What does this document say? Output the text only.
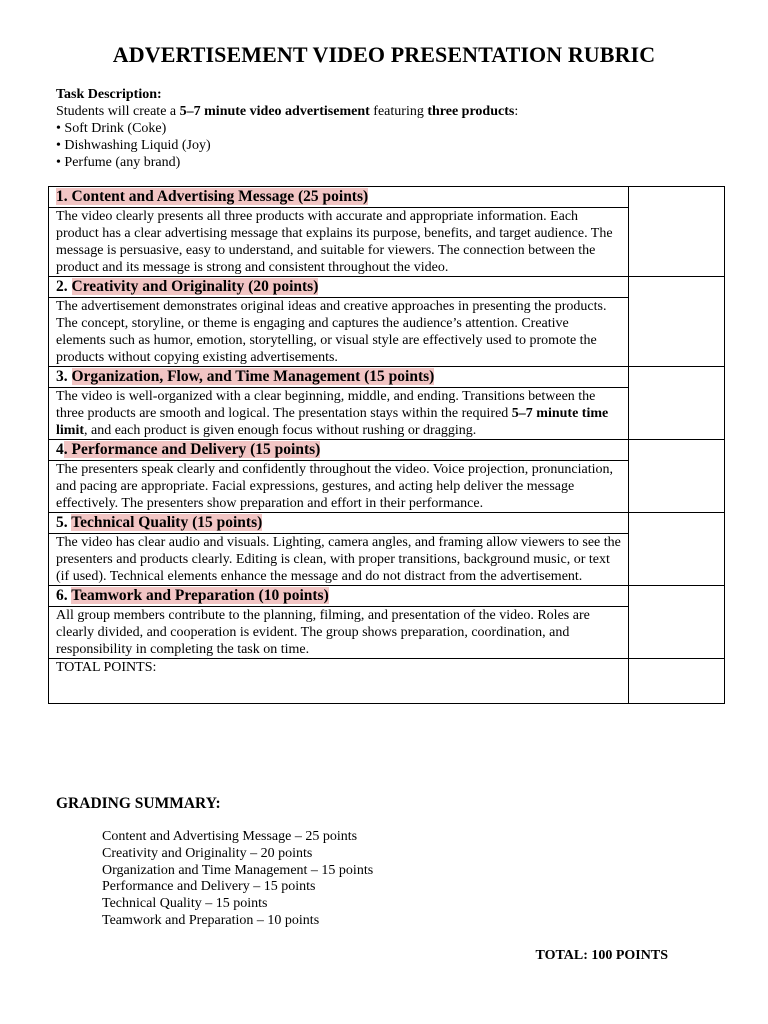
ADVERTISEMENT VIDEO PRESENTATION RUBRIC
Task Description:
Students will create a 5–7 minute video advertisement featuring three products:
• Soft Drink (Coke)
• Dishwashing Liquid (Joy)
• Perfume (any brand)
1. Content and Advertising Message (25 points)	
The video clearly presents all three products with accurate and appropriate information. Each product has a clear advertising message that explains its purpose, benefits, and target audience. The message is persuasive, easy to understand, and suitable for viewers. The connection between the product and its message is strong and consistent throughout the video.	
2. Creativity and Originality (20 points)	
The advertisement demonstrates original ideas and creative approaches in presenting the products. The concept, storyline, or theme is engaging and captures the audience’s attention. Creative elements such as humor, emotion, storytelling, or visual style are effectively used to promote the products without copying existing advertisements.	
3. Organization, Flow, and Time Management (15 points)	
The video is well-organized with a clear beginning, middle, and ending. Transitions between the three products are smooth and logical. The presentation stays within the required 5–7 minute time limit, and each product is given enough focus without rushing or dragging.	
4. Performance and Delivery (15 points)	
The presenters speak clearly and confidently throughout the video. Voice projection, pronunciation, and pacing are appropriate. Facial expressions, gestures, and acting help deliver the message effectively. The presenters show preparation and effort in their performance.	
5. Technical Quality (15 points)	
The video has clear audio and visuals. Lighting, camera angles, and framing allow viewers to see the presenters and products clearly. Editing is clean, with proper transitions, background music, or text (if used). Technical elements enhance the message and do not distract from the advertisement.	
6. Teamwork and Preparation (10 points)	
All group members contribute to the planning, filming, and presentation of the video. Roles are clearly divided, and cooperation is evident. The group shows preparation, coordination, and responsibility in completing the task on time.	
TOTAL POINTS:	
GRADING SUMMARY:
Content and Advertising Message – 25 points
Creativity and Originality – 20 points
Organization and Time Management – 15 points
Performance and Delivery – 15 points
Technical Quality – 15 points
Teamwork and Preparation – 10 points
TOTAL: 100 POINTS
